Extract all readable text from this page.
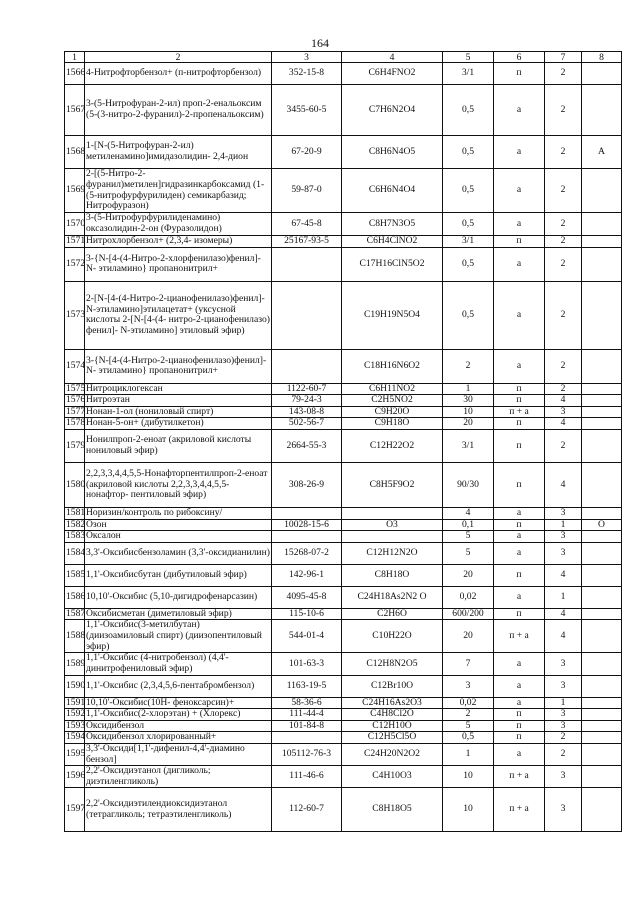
164
1	2	3	4	5	6	7	8
1566	4-Нитрофторбензол+ (п-нитрофторбензол)	352-15-8	C6H4FNO2	3/1	п	2	
1567	3-(5-Нитрофуран-2-ил) проп-2-енальоксим (5-(3-нитро-2-фуранил)-2-пропенальоксим)	3455-60-5	C7H6N2O4	0,5	а	2	
1568	1-[N-(5-Нитрофуран-2-ил) метиленамино]имидазолидин- 2,4-дион	67-20-9	C8H6N4O5	0,5	а	2	А
1569	2-[(5-Нитро-2-фуранил)метилен]гидразинкарбоксамид (1-(5-нитрофурфурилиден) семикарбазид; Нитрофуразон)	59-87-0	C6H6N4O4	0,5	а	2	
1570	3-(5-Нитрофурфурилиденамино) оксазолидин-2-он (Фуразолидон)	67-45-8	C8H7N3O5	0,5	а	2	
1571	Нитрохлорбензол+ (2,3,4- изомеры)	25167-93-5	C6H4ClNO2	3/1	п	2	
1572	3-{N-[4-(4-Нитро-2-хлорфенилазо)фенил]- N- этиламино} пропанонитрил+		C17H16ClN5O2	0,5	а	2	
1573	2-[N-[4-(4-Нитро-2-цианофенилазо)фенил]-N-этиламино]этилацетат+ (уксусной кислоты 2-[N-[4-(4- нитро-2-цианофенилазо) фенил]- N-этиламино] этиловый эфир)		C19H19N5O4	0,5	а	2	
1574	3-{N-[4-(4-Нитро-2-цианофенилазо)фенил]-N- этиламино} пропанонитрил+		C18H16N6O2	2	а	2	
1575	Нитроциклогексан	1122-60-7	C6H11NO2	1	п	2	
1576	Нитроэтан	79-24-3	C2H5NO2	30	п	4	
1577	Нонан-1-ол (нониловый спирт)	143-08-8	C9H20O	10	п + а	3	
1578	Нонан-5-он+ (дибутилкетон)	502-56-7	C9H18O	20	п	4	
1579	Нонилпроп-2-еноат (акриловой кислоты нониловый эфир)	2664-55-3	C12H22O2	3/1	п	2	
1580	2,2,3,3,4,4,5,5-Нонафторпентилпроп-2-еноат (акриловой кислоты 2,2,3,3,4,4,5,5-нонафтор- пентиловый эфир)	308-26-9	C8H5F9O2	90/30	п	4	
1581	Норизин/контроль по рибоксину/			4	а	3	
1582	Озон	10028-15-6	O3	0,1	п	1	О
1583	Оксалон			5	а	3	
1584	3,3'-Оксибисбензоламин (3,3'-оксидианилин)	15268-07-2	C12H12N2O	5	а	3	
1585	1,1'-Оксибисбутан (дибутиловый эфир)	142-96-1	C8H18O	20	п	4	
1586	10,10'-Оксибис (5,10-дигидрофенарсазин)	4095-45-8	C24H18As2N2 O	0,02	а	1	
1587	Оксибисметан (диметиловый эфир)	115-10-6	C2H6O	600/200	п	4	
1588	1,1'-Оксибис(3-метилбутан) (диизоамиловый спирт) (диизопентиловый эфир)	544-01-4	C10H22O	20	п + а	4	
1589	1,1'-Оксибис (4-нитробензол) (4,4'-динитрофениловый эфир)	101-63-3	C12H8N2O5	7	а	3	
1590	1,1'-Оксибис (2,3,4,5,6-пентабромбензол)	1163-19-5	C12Br10O	3	а	3	
1591	10,10'-Оксибис(10Н- феноксарсин)+	58-36-6	C24H16As2O3	0,02	а	1	
1592	1,1'-Оксибис(2-хлорэтан) + (Хлорекс)	111-44-4	C4H8Cl2O	2	п	3	
1593	Оксидибензол	101-84-8	C12H10O	5	п	3	
1594	Оксидибензол хлорированный+		C12H5Cl5O	0,5	п	2	
1595	3,3'-Оксиди[1,1'-дифенил-4,4'-диамино бензол]	105112-76-3	C24H20N2O2	1	а	2	
1596	2,2'-Оксидиэтанол (дигликоль; диэтиленгликоль)	111-46-6	C4H10O3	10	п + а	3	
1597	2,2'-Оксидиэтилендиоксидиэтанол (тетрагликоль; тетраэтиленгликоль)	112-60-7	C8H18O5	10	п + а	3	
